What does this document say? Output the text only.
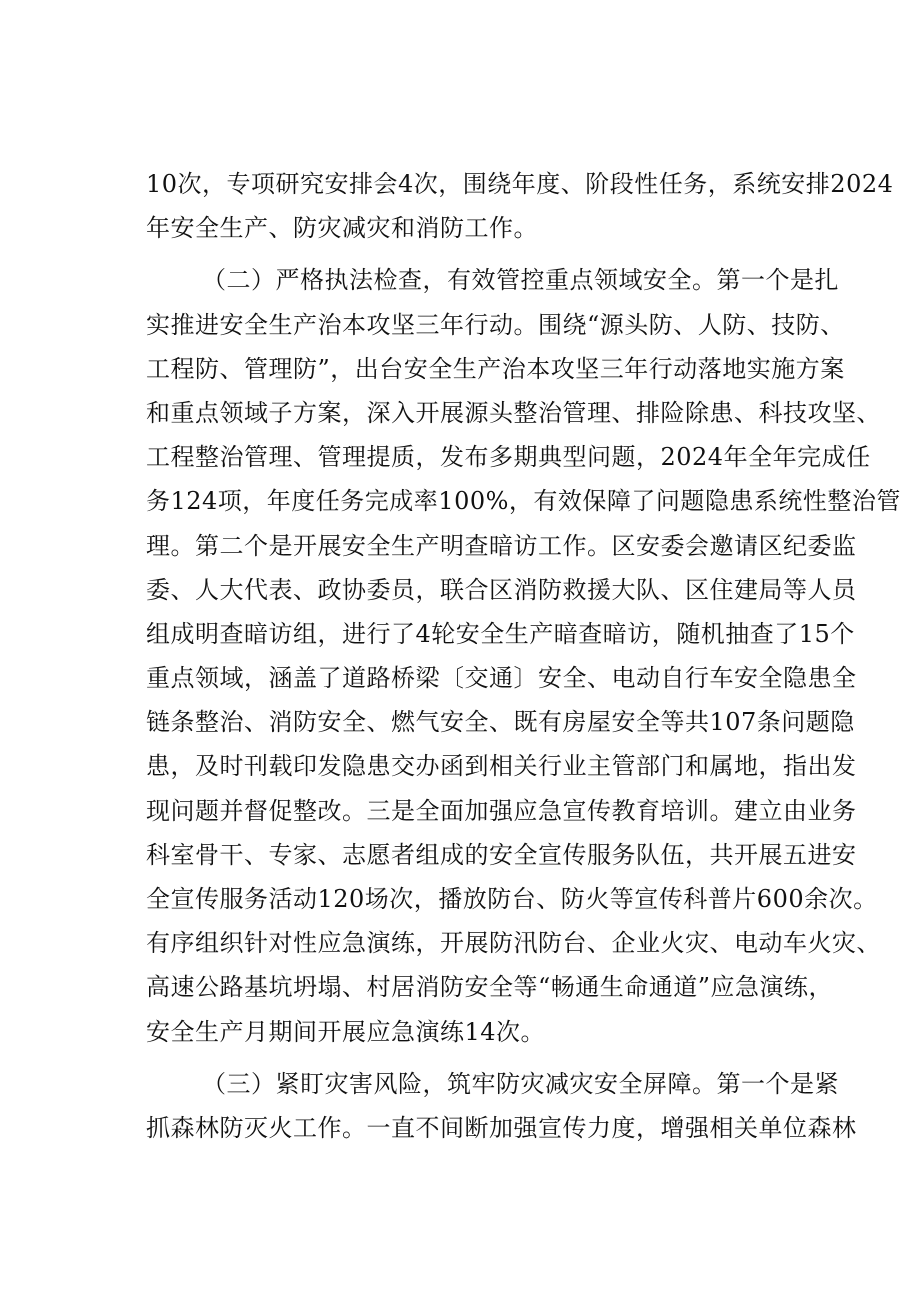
10次，专项研究安排会4次，围绕年度、阶段性任务，系统安排2024
年安全生产、防灾减灾和消防工作。
（二）严格执法检查，有效管控重点领域安全。第一个是扎
实推进安全生产治本攻坚三年行动。围绕“源头防、人防、技防、
工程防、管理防”，出台安全生产治本攻坚三年行动落地实施方案
和重点领域子方案，深入开展源头整治管理、排险除患、科技攻坚、
工程整治管理、管理提质，发布多期典型问题，2024年全年完成任
务124项，年度任务完成率100%，有效保障了问题隐患系统性整治管
理。第二个是开展安全生产明查暗访工作。区安委会邀请区纪委监
委、人大代表、政协委员，联合区消防救援大队、区住建局等人员
组成明查暗访组，进行了4轮安全生产暗查暗访，随机抽查了15个
重点领域，涵盖了道路桥梁〔交通〕安全、电动自行车安全隐患全
链条整治、消防安全、燃气安全、既有房屋安全等共107条问题隐
患，及时刊载印发隐患交办函到相关行业主管部门和属地，指出发
现问题并督促整改。三是全面加强应急宣传教育培训。建立由业务
科室骨干、专家、志愿者组成的安全宣传服务队伍，共开展五进安
全宣传服务活动120场次，播放防台、防火等宣传科普片600余次。
有序组织针对性应急演练，开展防汛防台、企业火灾、电动车火灾、
高速公路基坑坍塌、村居消防安全等“畅通生命通道”应急演练，
安全生产月期间开展应急演练14次。
（三）紧盯灾害风险，筑牢防灾减灾安全屏障。第一个是紧
抓森林防灭火工作。一直不间断加强宣传力度，增强相关单位森林
